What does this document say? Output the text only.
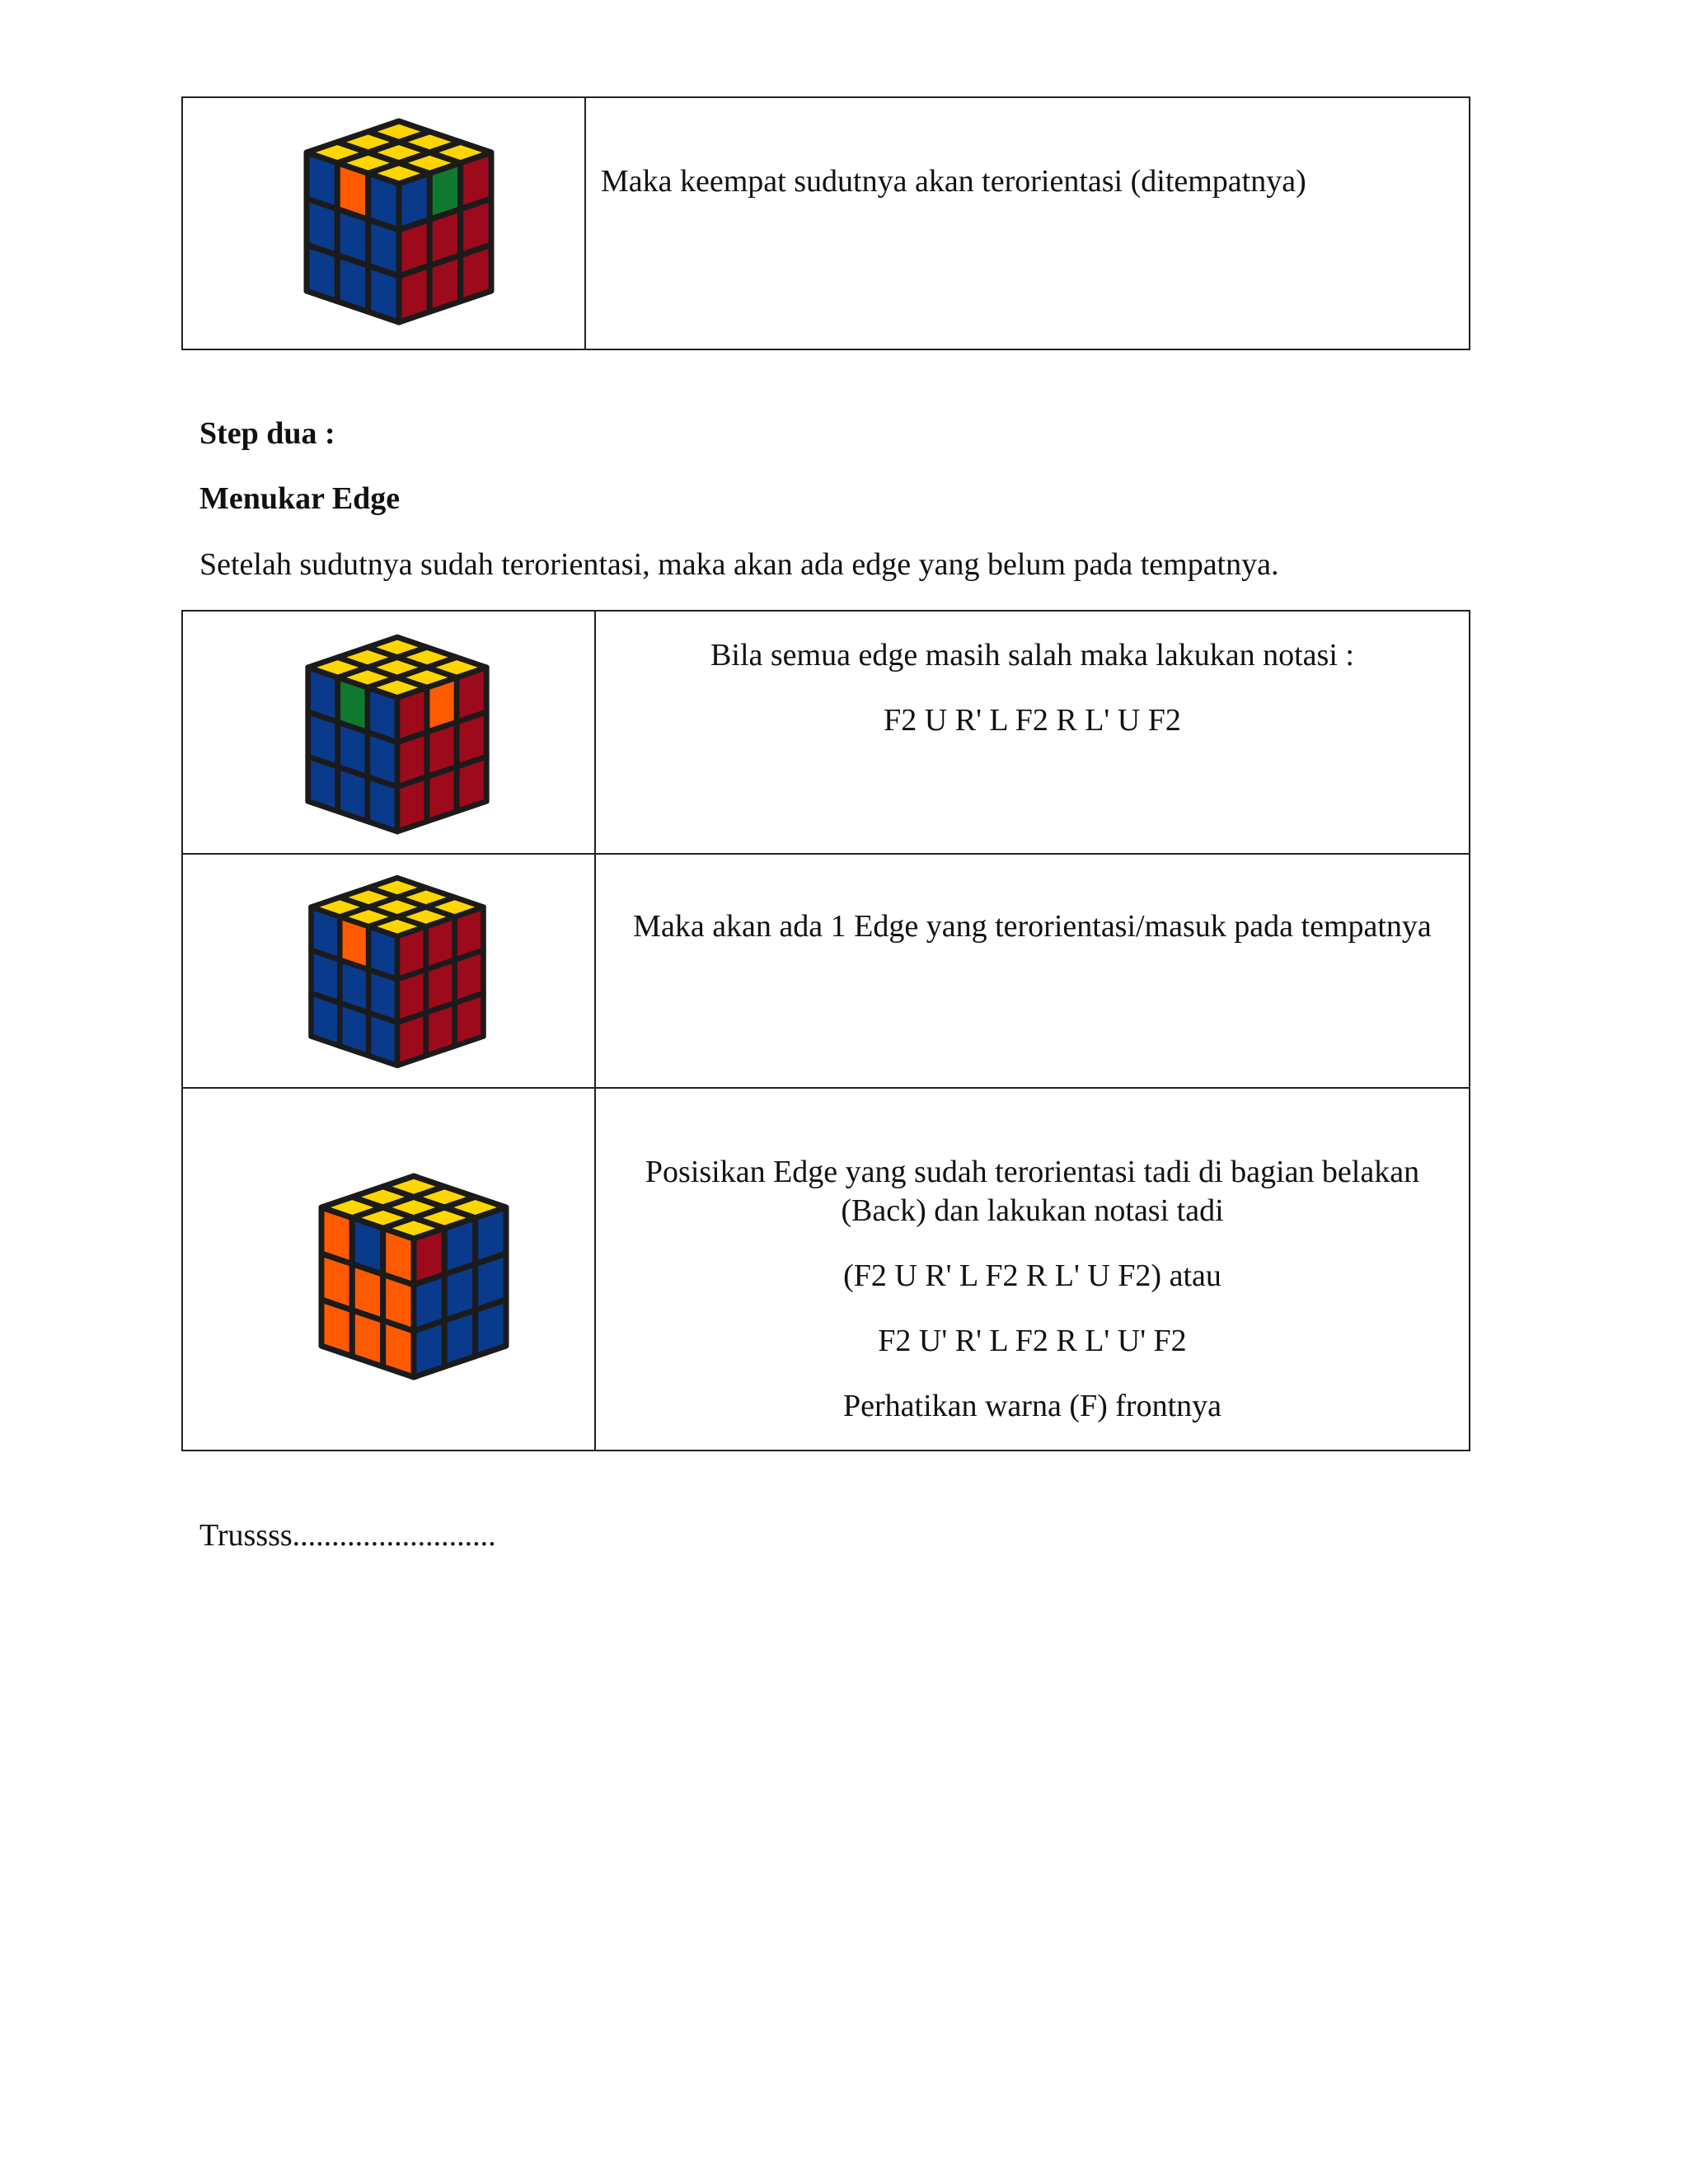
Maka keempat sudutnya akan terorientasi (ditempatnya)

Step dua :

Menukar Edge

Setelah sudutnya sudah terorientasi, maka akan ada edge yang belum pada tempatnya.

Bila semua edge masih salah maka lakukan notasi :

F2 U R' L F2 R L' U F2

Maka akan ada 1 Edge yang terorientasi/masuk pada tempatnya

Posisikan Edge yang sudah terorientasi tadi di bagian belakan (Back) dan lakukan notasi tadi

(F2 U R' L F2 R L' U F2) atau

F2 U' R' L F2 R L' U' F2

Perhatikan warna (F) frontnya

Trussss..........................
